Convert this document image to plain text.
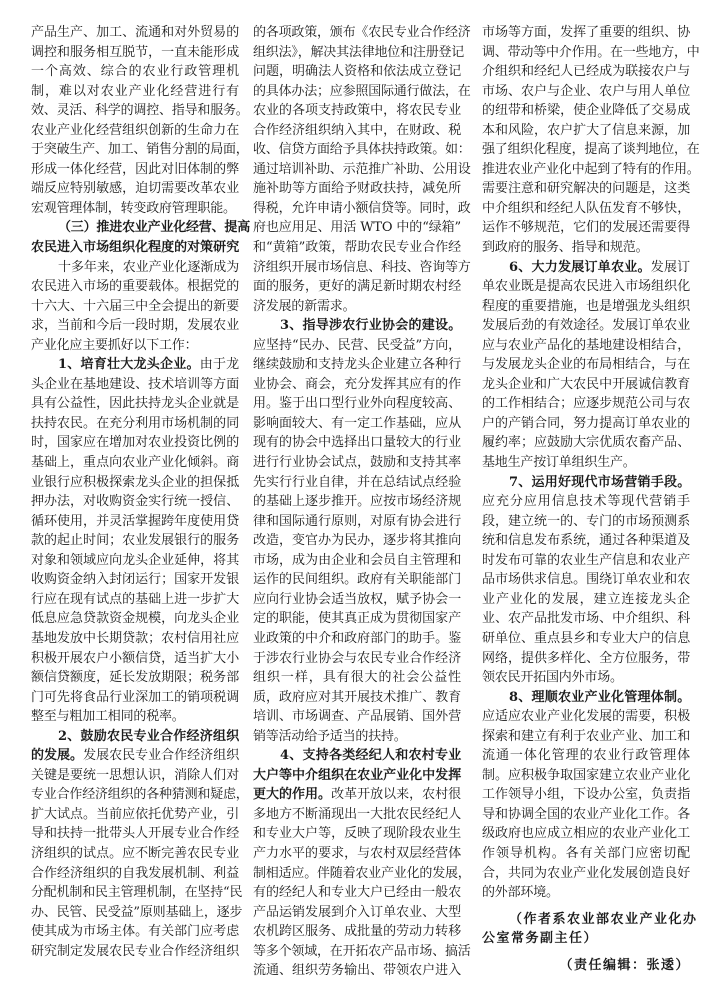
产品生产、加工、流通和对外贸易的
调控和服务相互脱节，一直未能形成
一个高效、综合的农业行政管理机
制，难以对农业产业化经营进行有
效、灵活、科学的调控、指导和服务。
农业产业化经营组织创新的生命力在
于突破生产、加工、销售分割的局面，
形成一体化经营，因此对旧体制的弊
端反应特别敏感，迫切需要改革农业
宏观管理体制，转变政府管理职能。
（三）推进农业产业化经营、提高
农民进入市场组织化程度的对策研究
十多年来，农业产业化逐渐成为
农民进入市场的重要载体。根据党的
十六大、十六届三中全会提出的新要
求，当前和今后一段时期，发展农业
产业化应主要抓好以下工作：
1、培育壮大龙头企业。由于龙
头企业在基地建设、技术培训等方面
具有公益性，因此扶持龙头企业就是
扶持农民。在充分利用市场机制的同
时，国家应在增加对农业投资比例的
基础上，重点向农业产业化倾斜。商
业银行应积极探索龙头企业的担保抵
押办法，对收购资金实行统一授信、
循环使用，并灵活掌握跨年度使用贷
款的起止时间；农业发展银行的服务
对象和领域应向龙头企业延伸，将其
收购资金纳入封闭运行；国家开发银
行应在现有试点的基础上进一步扩大
低息应急贷款资金规模，向龙头企业
基地发放中长期贷款；农村信用社应
积极开展农户小额信贷，适当扩大小
额信贷额度，延长发放期限；税务部
门可先将食品行业深加工的销项税调
整至与粗加工相同的税率。
2、鼓励农民专业合作经济组织
的发展。发展农民专业合作经济组织
关键是要统一思想认识，消除人们对
专业合作经济组织的各种猜测和疑虑，
扩大试点。当前应依托优势产业，引
导和扶持一批带头人开展专业合作经
济组织的试点。应不断完善农民专业
合作经济组织的自我发展机制、利益
分配机制和民主管理机制，在坚持“民
办、民管、民受益”原则基础上，逐步
使其成为市场主体。有关部门应考虑
研究制定发展农民专业合作经济组织
的各项政策，颁布《农民专业合作经济
组织法》，解决其法律地位和注册登记
问题，明确法人资格和依法成立登记
的具体办法；应参照国际通行做法，在
农业的各项支持政策中，将农民专业
合作经济组织纳入其中，在财政、税
收、信贷方面给予具体扶持政策。如：
通过培训补助、示范推广补助、公用设
施补助等方面给予财政扶持，减免所
得税，允许申请小额信贷等。同时，政
府也应用足、用活 WTO 中的“绿箱”
和“黄箱”政策，帮助农民专业合作经
济组织开展市场信息、科技、咨询等方
面的服务，更好的满足新时期农村经
济发展的新需求。
3、指导涉农行业协会的建设。
应坚持“民办、民营、民受益”方向，
继续鼓励和支持龙头企业建立各种行
业协会、商会，充分发挥其应有的作
用。鉴于出口型行业外向程度较高、
影响面较大、有一定工作基础，应从
现有的协会中选择出口量较大的行业
进行行业协会试点，鼓励和支持其率
先实行行业自律，并在总结试点经验
的基础上逐步推开。应按市场经济规
律和国际通行原则，对原有协会进行
改造，变官办为民办，逐步将其推向
市场，成为由企业和会员自主管理和
运作的民间组织。政府有关职能部门
应向行业协会适当放权，赋予协会一
定的职能，使其真正成为贯彻国家产
业政策的中介和政府部门的助手。鉴
于涉农行业协会与农民专业合作经济
组织一样，具有很大的社会公益性
质，政府应对其开展技术推广、教育
培训、市场调查、产品展销、国外营
销等活动给予适当的扶持。
4、支持各类经纪人和农村专业
大户等中介组织在农业产业化中发挥
更大的作用。改革开放以来，农村很
多地方不断涌现出一大批农民经纪人
和专业大户等，反映了现阶段农业生
产力水平的要求，与农村双层经营体
制相适应。伴随着农业产业化的发展，
有的经纪人和专业大户已经由一般农
产品运销发展到介入订单农业、大型
农机跨区服务、成批量的劳动力转移
等多个领域，在开拓农产品市场、搞活
流通、组织劳务输出、带领农户进入
市场等方面，发挥了重要的组织、协
调、带动等中介作用。在一些地方，中
介组织和经纪人已经成为联接农户与
市场、农户与企业、农户与用人单位
的纽带和桥梁，使企业降低了交易成
本和风险，农户扩大了信息来源，加
强了组织化程度，提高了谈判地位，在
推进农业产业化中起到了特有的作用。
需要注意和研究解决的问题是，这类
中介组织和经纪人队伍发育不够快，
运作不够规范，它们的发展还需要得
到政府的服务、指导和规范。
6、大力发展订单农业。发展订
单农业既是提高农民进入市场组织化
程度的重要措施，也是增强龙头组织
发展后劲的有效途径。发展订单农业
应与农业产品化的基地建设相结合，
与发展龙头企业的布局相结合，与在
龙头企业和广大农民中开展诚信教育
的工作相结合；应逐步规范公司与农
户的产销合同，努力提高订单农业的
履约率；应鼓励大宗优质农畜产品、
基地生产按订单组织生产。
7、运用好现代市场营销手段。
应充分应用信息技术等现代营销手
段，建立统一的、专门的市场预测系
统和信息发布系统，通过各种渠道及
时发布可靠的农业生产信息和农业产
品市场供求信息。围绕订单农业和农
业产业化的发展，建立连接龙头企
业、农产品批发市场、中介组织、科
研单位、重点县乡和专业大户的信息
网络，提供多样化、全方位服务，带
领农民开拓国内外市场。
8、理顺农业产业化管理体制。
应适应农业产业化发展的需要，积极
探索和建立有利于农业产业、加工和
流通一体化管理的农业行政管理体
制。应积极争取国家建立农业产业化
工作领导小组，下设办公室，负责指
导和协调全国的农业产业化工作。各
级政府也应成立相应的农业产业化工
作领导机构。各有关部门应密切配
合，共同为农业产业化发展创造良好
的外部环境。
（作者系农业部农业产业化办
公室常务副主任）
（责任编辑：张逶）
